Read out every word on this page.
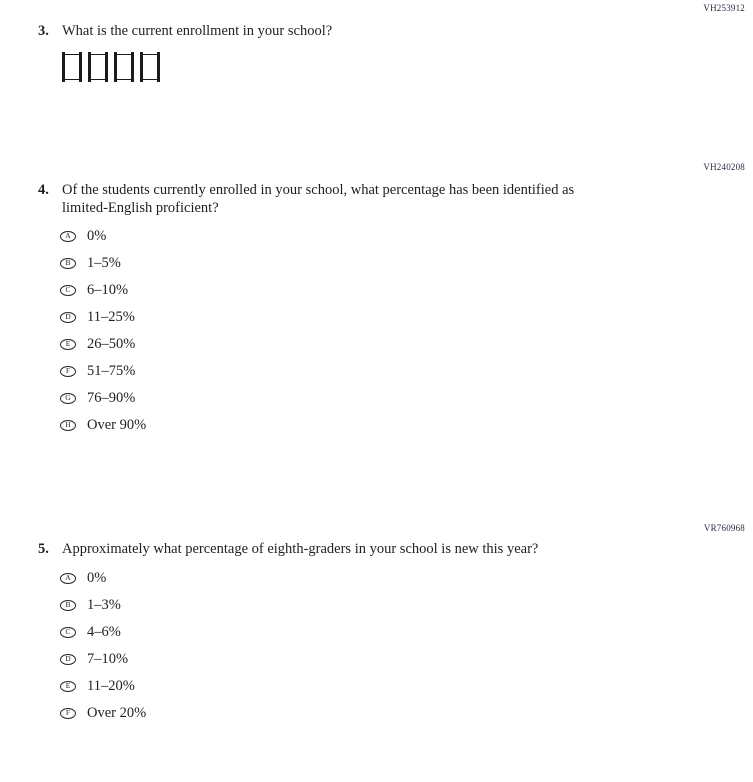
VH253912
3. What is the current enrollment in your school?
VH240208
4. Of the students currently enrolled in your school, what percentage has been identified as limited-English proficient?
A 0%
B 1–5%
C 6–10%
D 11–25%
E 26–50%
F 51–75%
G 76–90%
H Over 90%
VR760968
5. Approximately what percentage of eighth-graders in your school is new this year?
A 0%
B 1–3%
C 4–6%
D 7–10%
E 11–20%
F Over 20%
